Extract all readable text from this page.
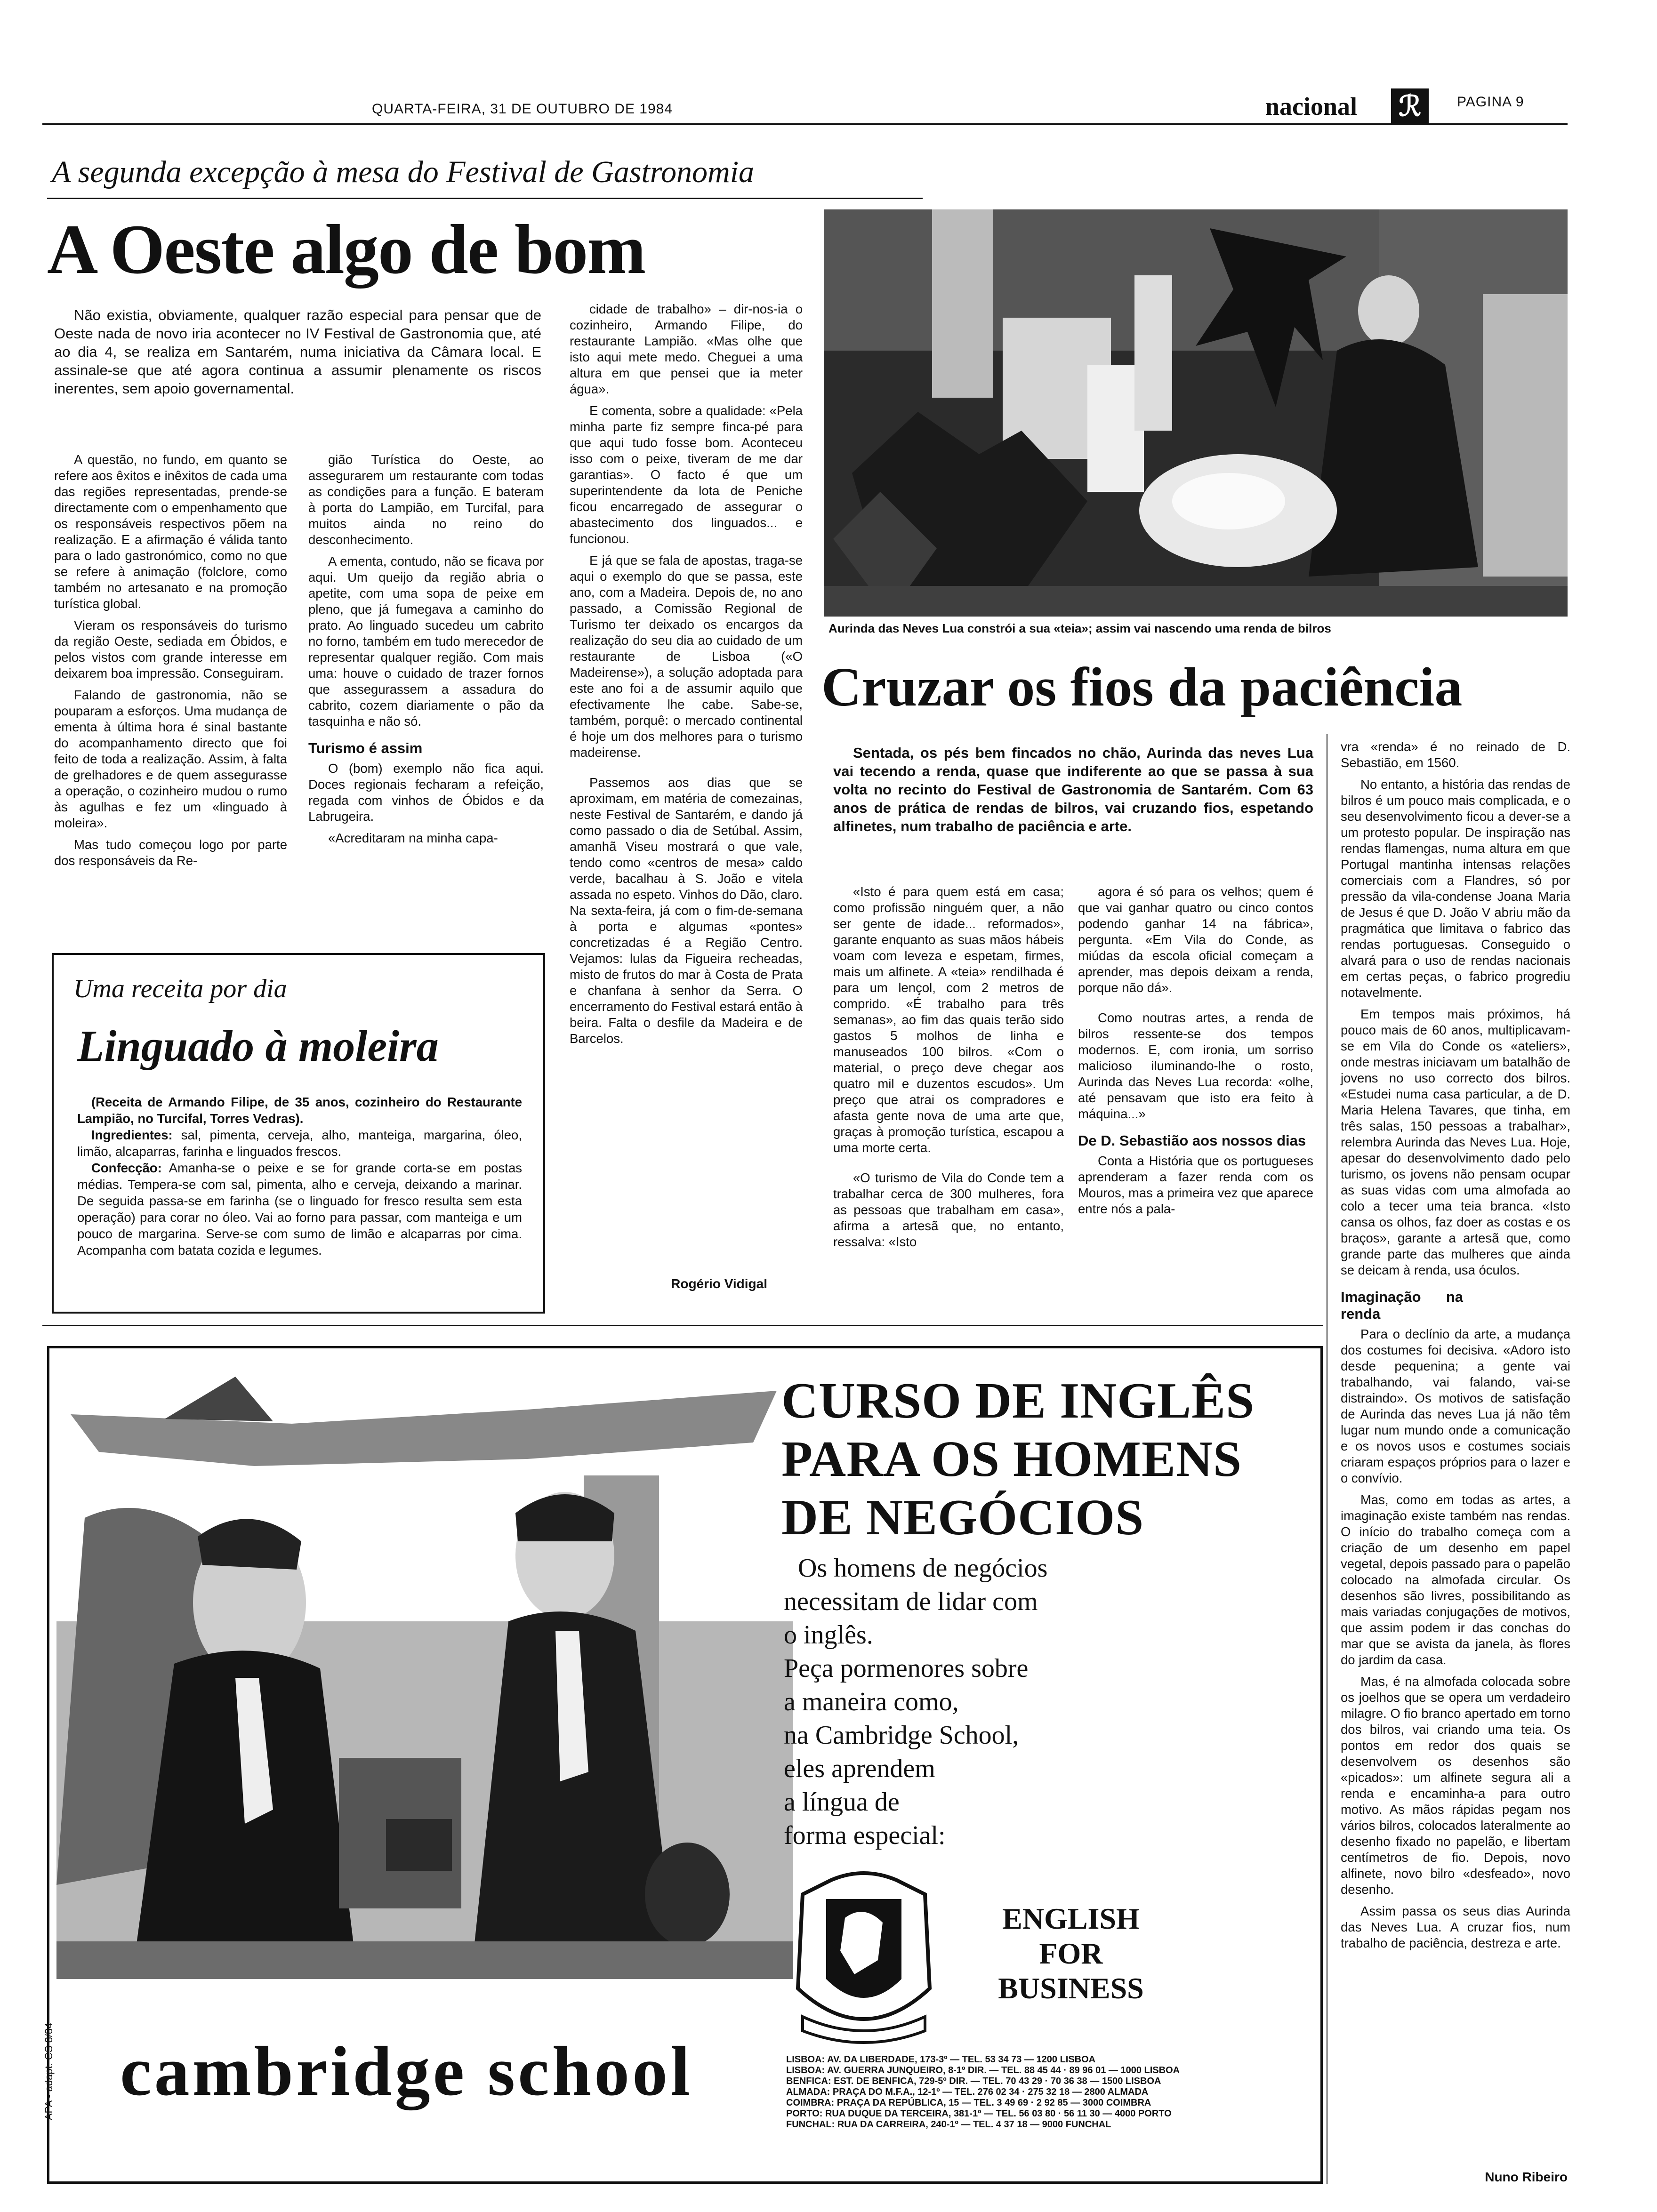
QUARTA-FEIRA, 31 DE OUTUBRO DE 1984	nacional ℛ	PAGINA 9
A segunda excepção à mesa do Festival de Gastronomia
A Oeste algo de bom
Não existia, obviamente, qualquer razão especial para pensar que de Oeste nada de novo iria acontecer no IV Festival de Gastronomia que, até ao dia 4, se realiza em Santarém, numa iniciativa da Câmara local. E assinale-se que até agora continua a assumir plenamente os riscos inerentes, sem apoio governamental.

A questão, no fundo, em quanto se refere aos êxitos e inêxitos de cada uma das regiões representadas, prende-se directamente com o empenhamento que os responsáveis respectivos põem na realização. E a afirmação é válida tanto para o lado gastronómico, como no que se refere à animação (folclore, como também no artesanato e na promoção turística global.

Vieram os responsáveis do turismo da região Oeste, sediada em Óbidos, e pelos vistos com grande interesse em deixarem boa impressão. Conseguiram.

Falando de gastronomia, não se pouparam a esforços. Uma mudança de ementa à última hora é sinal bastante do acompanhamento directo que foi feito de toda a realização. Assim, à falta de grelhadores e de quem assegurasse a operação, o cozinheiro mudou o rumo às agulhas e fez um «linguado à moleira».

Mas tudo começou logo por parte dos responsáveis da Re-

gião Turística do Oeste, ao assegurarem um restaurante com todas as condições para a função. E bateram à porta do Lampião, em Turcifal, para muitos ainda no reino do desconhecimento.

A ementa, contudo, não se ficava por aqui. Um queijo da região abria o apetite, com uma sopa de peixe em pleno, que já fumegava a caminho do prato. Ao linguado sucedeu um cabrito no forno, também em tudo merecedor de representar qualquer região. Com mais uma: houve o cuidado de trazer fornos que assegurassem a assadura do cabrito, cozem diariamente o pão da tasquinha e não só.

Turismo é assim

O (bom) exemplo não fica aqui. Doces regionais fecharam a refeição, regada com vinhos de Óbidos e da Labrugeira.

«Acreditaram na minha capa-

cidade de trabalho» – dir-nos-ia o cozinheiro, Armando Filipe, do restaurante Lampião. «Mas olhe que isto aqui mete medo. Cheguei a uma altura em que pensei que ia meter água».

E comenta, sobre a qualidade: «Pela minha parte fiz sempre finca-pé para que aqui tudo fosse bom. Aconteceu isso com o peixe, tiveram de me dar garantias». O facto é que um superintendente da lota de Peniche ficou encarregado de assegurar o abastecimento dos linguados... e funcionou.

E já que se fala de apostas, traga-se aqui o exemplo do que se passa, este ano, com a Madeira. Depois de, no ano passado, a Comissão Regional de Turismo ter deixado os encargos da realização do seu dia ao cuidado de um restaurante de Lisboa («O Madeirense»), a solução adoptada para este ano foi a de assumir aquilo que efectivamente lhe cabe. Sabe-se, também, porquê: o mercado continental é hoje um dos melhores para o turismo madeirense.

Passemos aos dias que se aproximam, em matéria de comezainas, neste Festival de Santarém, e dando já como passado o dia de Setúbal. Assim, amanhã Viseu mostrará o que vale, tendo como «centros de mesa» caldo verde, bacalhau à S. João e vitela assada no espeto. Vinhos do Dão, claro. Na sexta-feira, já com o fim-de-semana à porta e algumas «pontes» concretizadas é a Região Centro. Vejamos: lulas da Figueira recheadas, misto de frutos do mar à Costa de Prata e chanfana à senhor da Serra. O encerramento do Festival estará então à beira. Falta o desfile da Madeira e de Barcelos.

Rogério Vidigal
Uma receita por dia
Linguado à moleira
(Receita de Armando Filipe, de 35 anos, cozinheiro do Restaurante Lampião, no Turcifal, Torres Vedras).
Ingredientes: sal, pimenta, cerveja, alho, manteiga, margarina, óleo, limão, alcaparras, farinha e linguados frescos.
Confecção: Amanha-se o peixe e se for grande corta-se em postas médias. Tempera-se com sal, pimenta, alho e cerveja, deixando a marinar. De seguida passa-se em farinha (se o linguado for fresco resulta sem esta operação) para corar no óleo. Vai ao forno para passar, com manteiga e um pouco de margarina. Serve-se com sumo de limão e alcaparras por cima. Acompanha com batata cozida e legumes.
Aurinda das Neves Lua constrói a sua «teia»; assim vai nascendo uma renda de bilros
Cruzar os fios da paciência
Sentada, os pés bem fincados no chão, Aurinda das neves Lua vai tecendo a renda, quase que indiferente ao que se passa à sua volta no recinto do Festival de Gastronomia de Santarém. Com 63 anos de prática de rendas de bilros, vai cruzando fios, espetando alfinetes, num trabalho de paciência e arte.

«Isto é para quem está em casa; como profissão ninguém quer, a não ser gente de idade... reformados», garante enquanto as suas mãos hábeis voam com leveza e espetam, firmes, mais um alfinete. A «teia» rendilhada é para um lençol, com 2 metros de comprido. «É trabalho para três semanas», ao fim das quais terão sido gastos 5 molhos de linha e manuseados 100 bilros. «Com o material, o preço deve chegar aos quatro mil e duzentos escudos». Um preço que atrai os compradores e afasta gente nova de uma arte que, graças à promoção turística, escapou a uma morte certa.

«O turismo de Vila do Conde tem a trabalhar cerca de 300 mulheres, fora as pessoas que trabalham em casa», afirma a artesã que, no entanto, ressalva: «Isto

agora é só para os velhos; quem é que vai ganhar quatro ou cinco contos podendo ganhar 14 na fábrica», pergunta. «Em Vila do Conde, as miúdas da escola oficial começam a aprender, mas depois deixam a renda, porque não dá».

Como noutras artes, a renda de bilros ressente-se dos tempos modernos. E, com ironia, um sorriso malicioso iluminando-lhe o rosto, Aurinda das Neves Lua recorda: «olhe, até pensavam que isto era feito à máquina...»

De D. Sebastião aos nossos dias

Conta a História que os portugueses aprenderam a fazer renda com os Mouros, mas a primeira vez que aparece entre nós a pala-

vra «renda» é no reinado de D. Sebastião, em 1560.

No entanto, a história das rendas de bilros é um pouco mais complicada, e o seu desenvolvimento ficou a dever-se a um protesto popular. De inspiração nas rendas flamengas, numa altura em que Portugal mantinha intensas relações comerciais com a Flandres, só por pressão da vila-condense Joana Maria de Jesus é que D. João V abriu mão da pragmática que limitava o fabrico das rendas portuguesas. Conseguido o alvará para o uso de rendas nacionais em certas peças, o fabrico progrediu notavelmente.

Em tempos mais próximos, há pouco mais de 60 anos, multiplicavam-se em Vila do Conde os «ateliers», onde mestras iniciavam um batalhão de jovens no uso correcto dos bilros. «Estudei numa casa particular, a de D. Maria Helena Tavares, que tinha, em três salas, 150 pessoas a trabalhar», relembra Aurinda das Neves Lua. Hoje, apesar do desenvolvimento dado pelo turismo, os jovens não pensam ocupar as suas vidas com uma almofada ao colo a tecer uma teia branca. «Isto cansa os olhos, faz doer as costas e os braços», garante a artesã que, como grande parte das mulheres que ainda se deicam à renda, usa óculos.

Imaginação na renda

Para o declínio da arte, a mudança dos costumes foi decisiva. «Adoro isto desde pequenina; a gente vai trabalhando, vai falando, vai-se distraindo». Os motivos de satisfação de Aurinda das neves Lua já não têm lugar num mundo onde a comunicação e os novos usos e costumes sociais criaram espaços próprios para o lazer e o convívio.

Mas, como em todas as artes, a imaginação existe também nas rendas. O início do trabalho começa com a criação de um desenho em papel vegetal, depois passado para o papelão colocado na almofada circular. Os desenhos são livres, possibilitando as mais variadas conjugações de motivos, que assim podem ir das conchas do mar que se avista da janela, às flores do jardim da casa.

Mas, é na almofada colocada sobre os joelhos que se opera um verdadeiro milagre. O fio branco apertado em torno dos bilros, vai criando uma teia. Os pontos em redor dos quais se desenvolvem os desenhos são «picados»: um alfinete segura ali a renda e encaminha-a para outro motivo. As mãos rápidas pegam nos vários bilros, colocados lateralmente ao desenho fixado no papelão, e libertam centímetros de fio. Depois, novo alfinete, novo bilro «desfeado», novo desenho.

Assim passa os seus dias Aurinda das Neves Lua. A cruzar fios, num trabalho de paciência, destreza e arte.

Nuno Ribeiro
CURSO DE INGLÊS
PARA OS HOMENS
DE NEGÓCIOS
Os homens de negócios
necessitam de lidar com
o inglês.
Peça pormenores sobre
a maneira como,
na Cambridge School,
eles aprendem
a língua de
forma especial:
ENGLISH
FOR
BUSINESS
LISBOA: AV. DA LIBERDADE, 173-3º — TEL. 53 34 73 — 1200 LISBOA
LISBOA: AV. GUERRA JUNQUEIRO, 8-1º DIR. — TEL. 88 45 44 · 89 96 01 — 1000 LISBOA
BENFICA: EST. DE BENFICA, 729-5º DIR. — TEL. 70 43 29 · 70 36 38 — 1500 LISBOA
ALMADA: PRAÇA DO M.F.A., 12-1º — TEL. 276 02 34 · 275 32 18 — 2800 ALMADA
COIMBRA: PRAÇA DA REPÚBLICA, 15 — TEL. 3 49 69 · 2 92 85 — 3000 COIMBRA
PORTO: RUA DUQUE DA TERCEIRA, 381-1º — TEL. 56 03 80 · 56 11 30 — 4000 PORTO
FUNCHAL: RUA DA CARREIRA, 240-1º — TEL. 4 37 18 — 9000 FUNCHAL
cambridge school
APA - adapt. CS 8/84
